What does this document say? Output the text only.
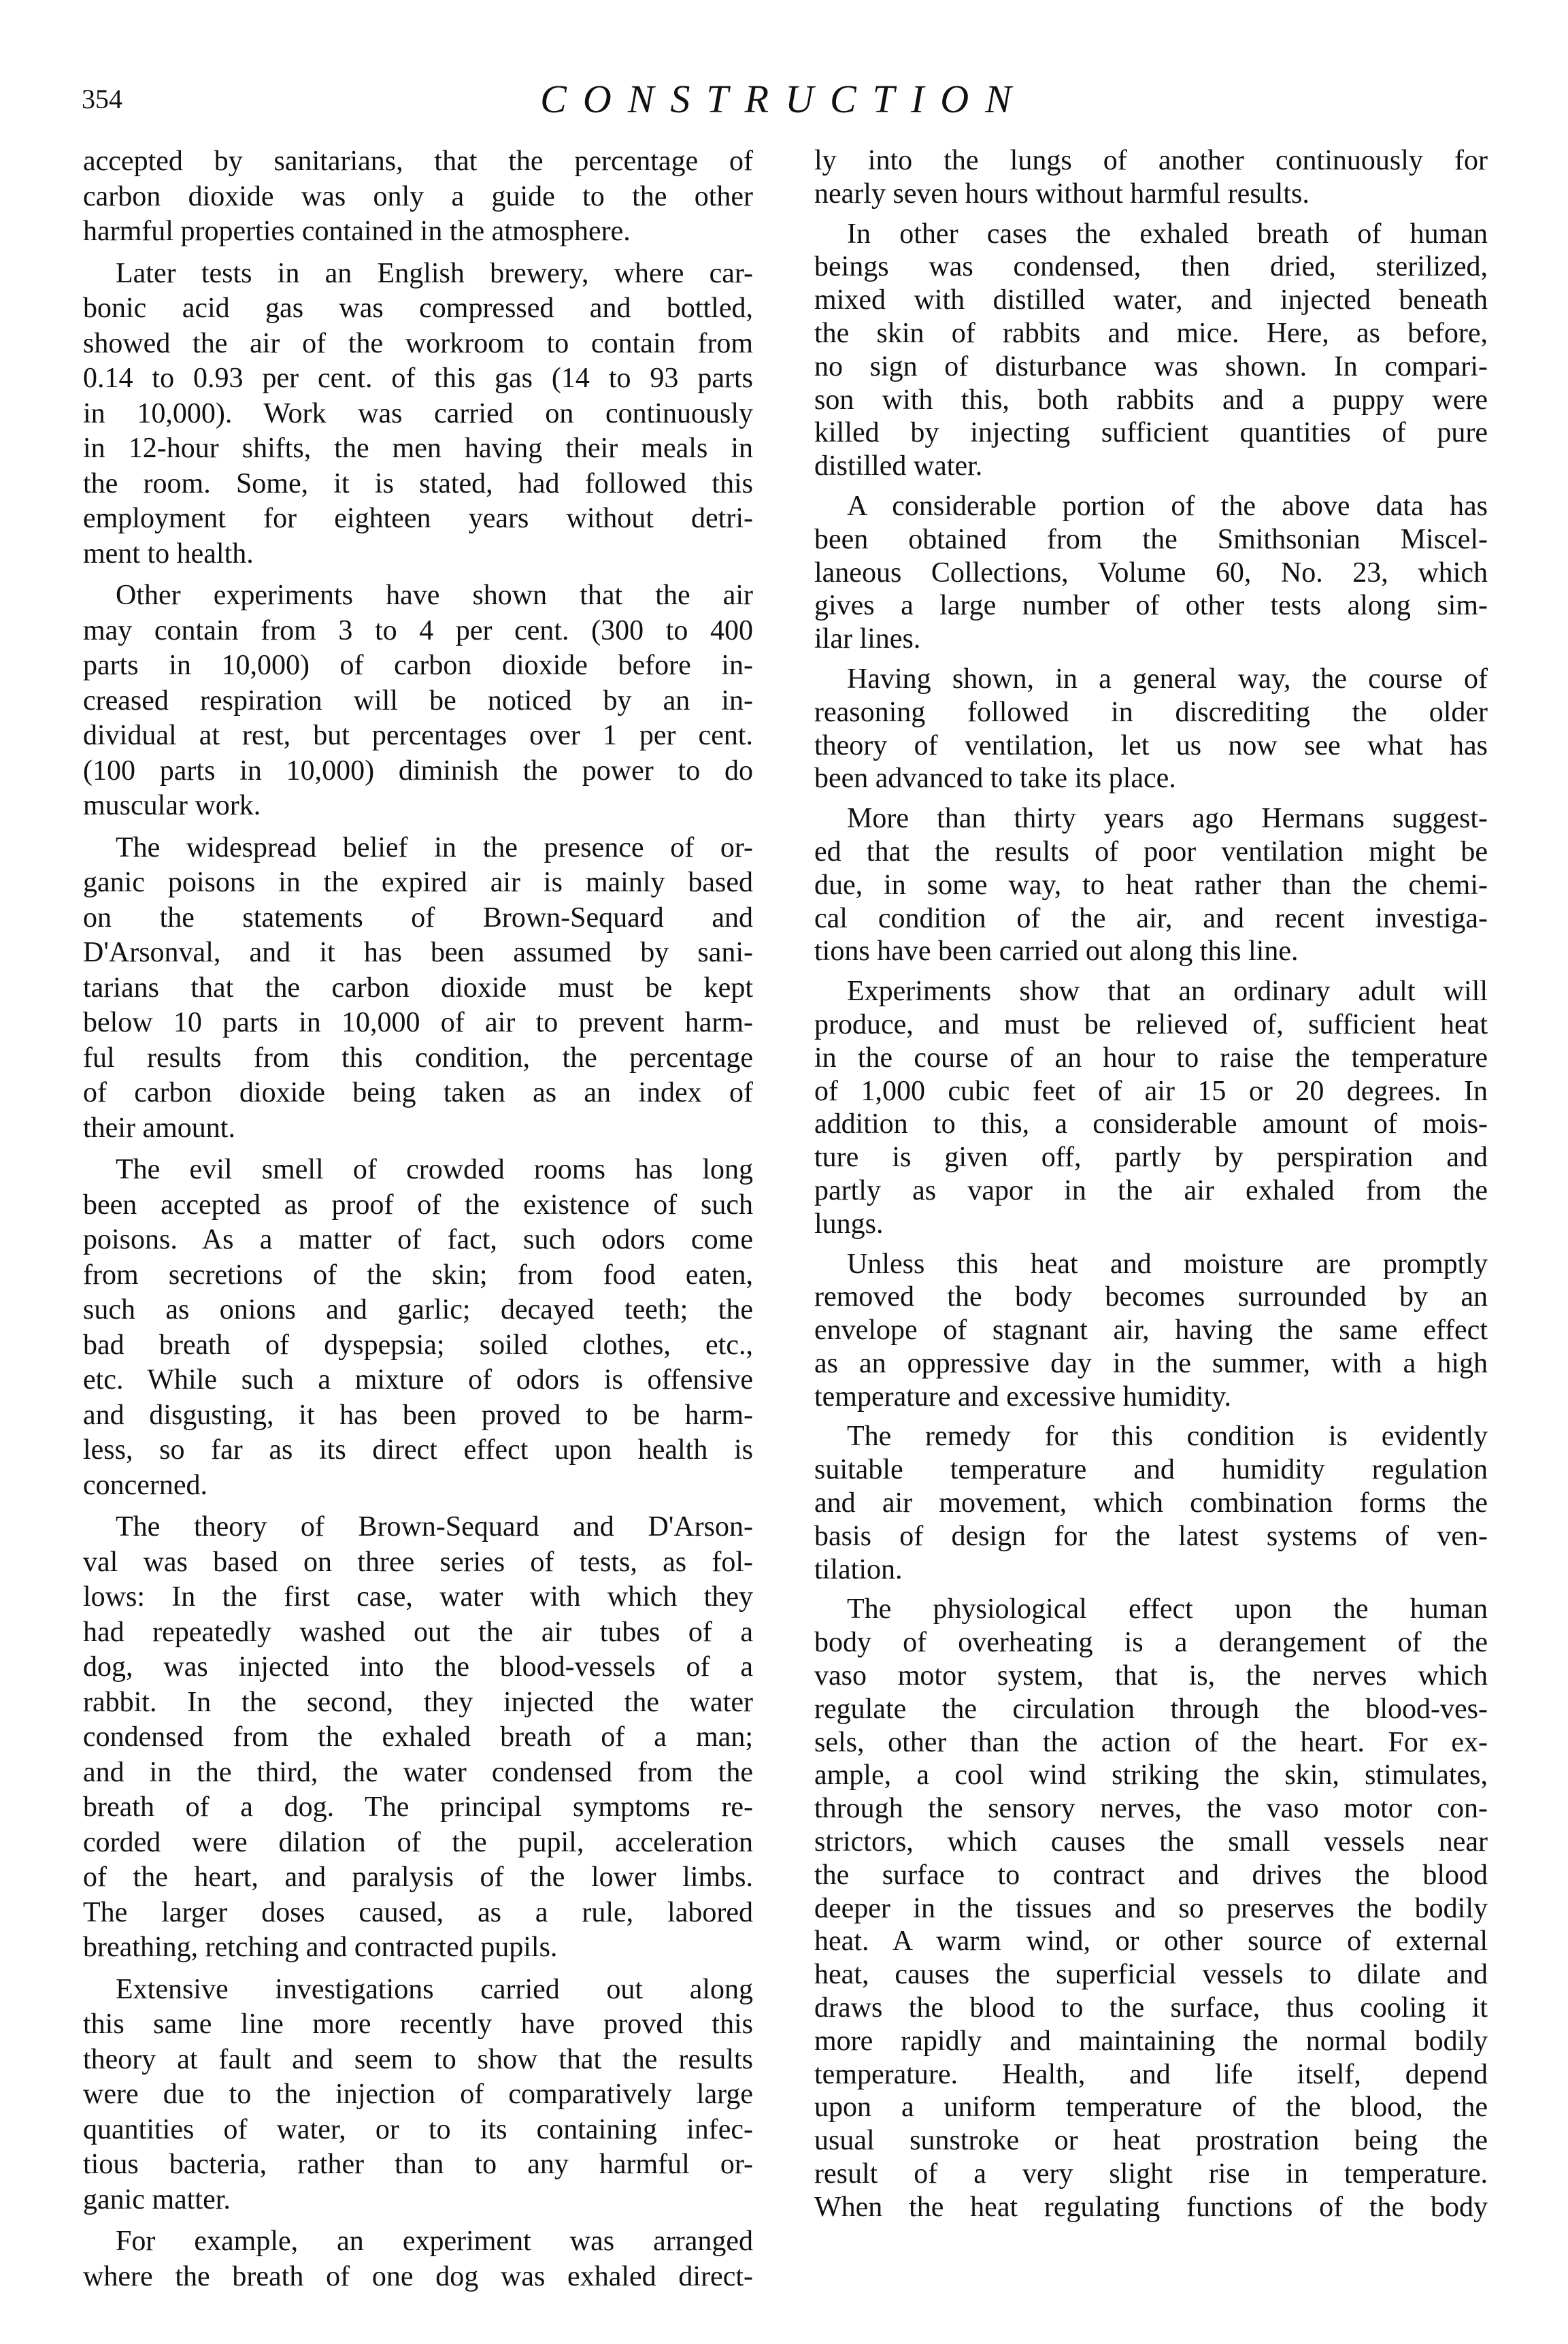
354	CONSTRUCTION
accepted by sanitarians, that the percentage of
carbon dioxide was only a guide to the other
harmful properties contained in the atmosphere.
Later tests in an English brewery, where car-
bonic acid gas was compressed and bottled,
showed the air of the workroom to contain from
0.14 to 0.93 per cent. of this gas (14 to 93 parts
in 10,000). Work was carried on continuously
in 12-hour shifts, the men having their meals in
the room. Some, it is stated, had followed this
employment for eighteen years without detri-
ment to health.
Other experiments have shown that the air
may contain from 3 to 4 per cent. (300 to 400
parts in 10,000) of carbon dioxide before in-
creased respiration will be noticed by an in-
dividual at rest, but percentages over 1 per cent.
(100 parts in 10,000) diminish the power to do
muscular work.
The widespread belief in the presence of or-
ganic poisons in the expired air is mainly based
on the statements of Brown-Sequard and
D'Arsonval, and it has been assumed by sani-
tarians that the carbon dioxide must be kept
below 10 parts in 10,000 of air to prevent harm-
ful results from this condition, the percentage
of carbon dioxide being taken as an index of
their amount.
The evil smell of crowded rooms has long
been accepted as proof of the existence of such
poisons. As a matter of fact, such odors come
from secretions of the skin; from food eaten,
such as onions and garlic; decayed teeth; the
bad breath of dyspepsia; soiled clothes, etc.,
etc. While such a mixture of odors is offensive
and disgusting, it has been proved to be harm-
less, so far as its direct effect upon health is
concerned.
The theory of Brown-Sequard and D'Arson-
val was based on three series of tests, as fol-
lows: In the first case, water with which they
had repeatedly washed out the air tubes of a
dog, was injected into the blood-vessels of a
rabbit. In the second, they injected the water
condensed from the exhaled breath of a man;
and in the third, the water condensed from the
breath of a dog. The principal symptoms re-
corded were dilation of the pupil, acceleration
of the heart, and paralysis of the lower limbs.
The larger doses caused, as a rule, labored
breathing, retching and contracted pupils.
Extensive investigations carried out along
this same line more recently have proved this
theory at fault and seem to show that the results
were due to the injection of comparatively large
quantities of water, or to its containing infec-
tious bacteria, rather than to any harmful or-
ganic matter.
For example, an experiment was arranged
where the breath of one dog was exhaled direct-
ly into the lungs of another continuously for
nearly seven hours without harmful results.
In other cases the exhaled breath of human
beings was condensed, then dried, sterilized,
mixed with distilled water, and injected beneath
the skin of rabbits and mice. Here, as before,
no sign of disturbance was shown. In compari-
son with this, both rabbits and a puppy were
killed by injecting sufficient quantities of pure
distilled water.
A considerable portion of the above data has
been obtained from the Smithsonian Miscel-
laneous Collections, Volume 60, No. 23, which
gives a large number of other tests along sim-
ilar lines.
Having shown, in a general way, the course of
reasoning followed in discrediting the older
theory of ventilation, let us now see what has
been advanced to take its place.
More than thirty years ago Hermans suggest-
ed that the results of poor ventilation might be
due, in some way, to heat rather than the chemi-
cal condition of the air, and recent investiga-
tions have been carried out along this line.
Experiments show that an ordinary adult will
produce, and must be relieved of, sufficient heat
in the course of an hour to raise the temperature
of 1,000 cubic feet of air 15 or 20 degrees. In
addition to this, a considerable amount of mois-
ture is given off, partly by perspiration and
partly as vapor in the air exhaled from the
lungs.
Unless this heat and moisture are promptly
removed the body becomes surrounded by an
envelope of stagnant air, having the same effect
as an oppressive day in the summer, with a high
temperature and excessive humidity.
The remedy for this condition is evidently
suitable temperature and humidity regulation
and air movement, which combination forms the
basis of design for the latest systems of ven-
tilation.
The physiological effect upon the human
body of overheating is a derangement of the
vaso motor system, that is, the nerves which
regulate the circulation through the blood-ves-
sels, other than the action of the heart. For ex-
ample, a cool wind striking the skin, stimulates,
through the sensory nerves, the vaso motor con-
strictors, which causes the small vessels near
the surface to contract and drives the blood
deeper in the tissues and so preserves the bodily
heat. A warm wind, or other source of external
heat, causes the superficial vessels to dilate and
draws the blood to the surface, thus cooling it
more rapidly and maintaining the normal bodily
temperature. Health, and life itself, depend
upon a uniform temperature of the blood, the
usual sunstroke or heat prostration being the
result of a very slight rise in temperature.
When the heat regulating functions of the body
